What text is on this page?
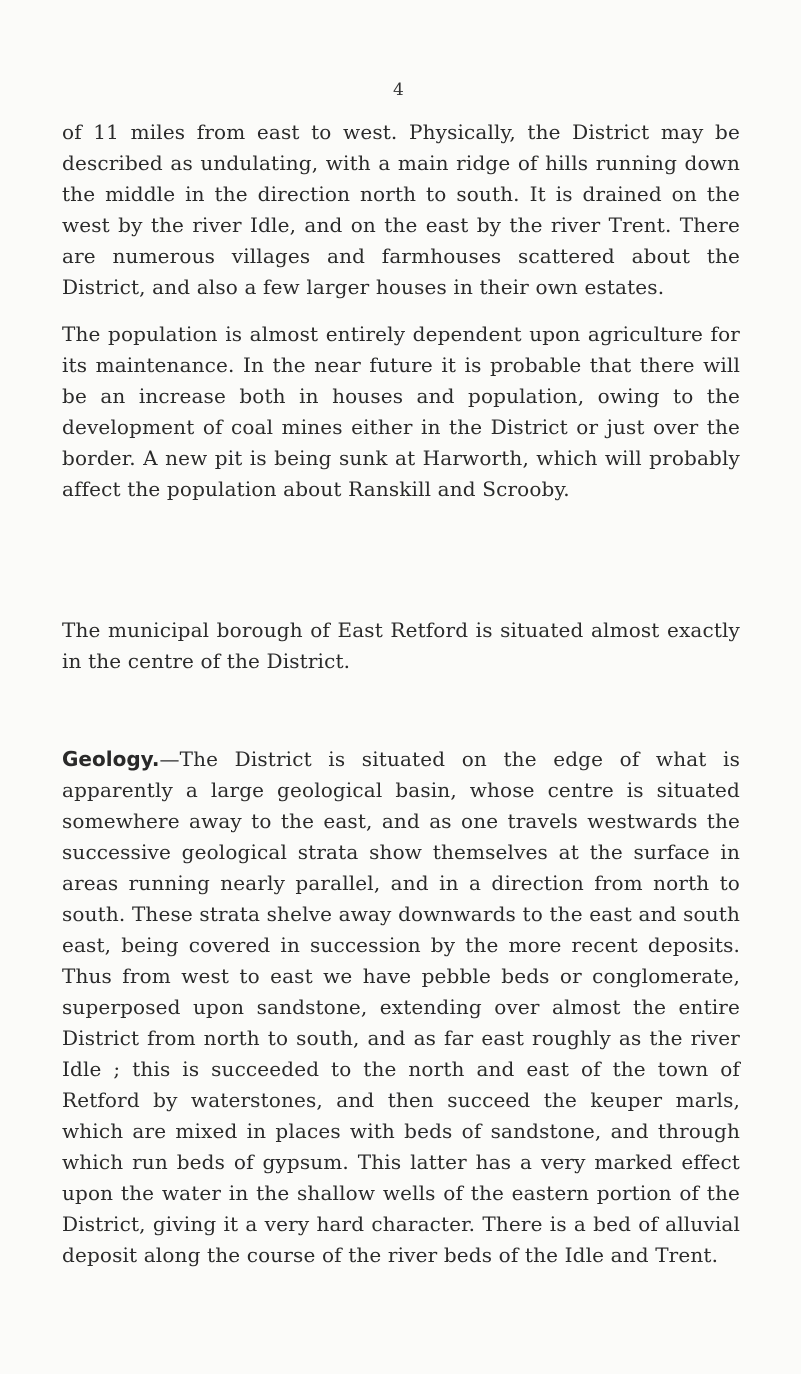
4

of 11 miles from east to west. Physically, the District may be described as undulating, with a main ridge of hills running down the middle in the direction north to south. It is drained on the west by the river Idle, and on the east by the river Trent. There are numerous villages and farmhouses scattered about the District, and also a few larger houses in their own estates.

The population is almost entirely dependent upon agriculture for its maintenance. In the near future it is probable that there will be an increase both in houses and population, owing to the development of coal mines either in the District or just over the border. A new pit is being sunk at Harworth, which will probably affect the population about Ranskill and Scrooby.

The municipal borough of East Retford is situated almost exactly in the centre of the District.

Geology.—The District is situated on the edge of what is apparently a large geological basin, whose centre is situated somewhere away to the east, and as one travels westwards the successive geological strata show themselves at the surface in areas running nearly parallel, and in a direction from north to south. These strata shelve away downwards to the east and south east, being covered in succession by the more recent deposits. Thus from west to east we have pebble beds or conglomerate, superposed upon sandstone, extending over almost the entire District from north to south, and as far east roughly as the river Idle ; this is succeeded to the north and east of the town of Retford by waterstones, and then succeed the keuper marls, which are mixed in places with beds of sandstone, and through which run beds of gypsum. This latter has a very marked effect upon the water in the shallow wells of the eastern portion of the District, giving it a very hard character. There is a bed of alluvial deposit along the course of the river beds of the Idle and Trent.
